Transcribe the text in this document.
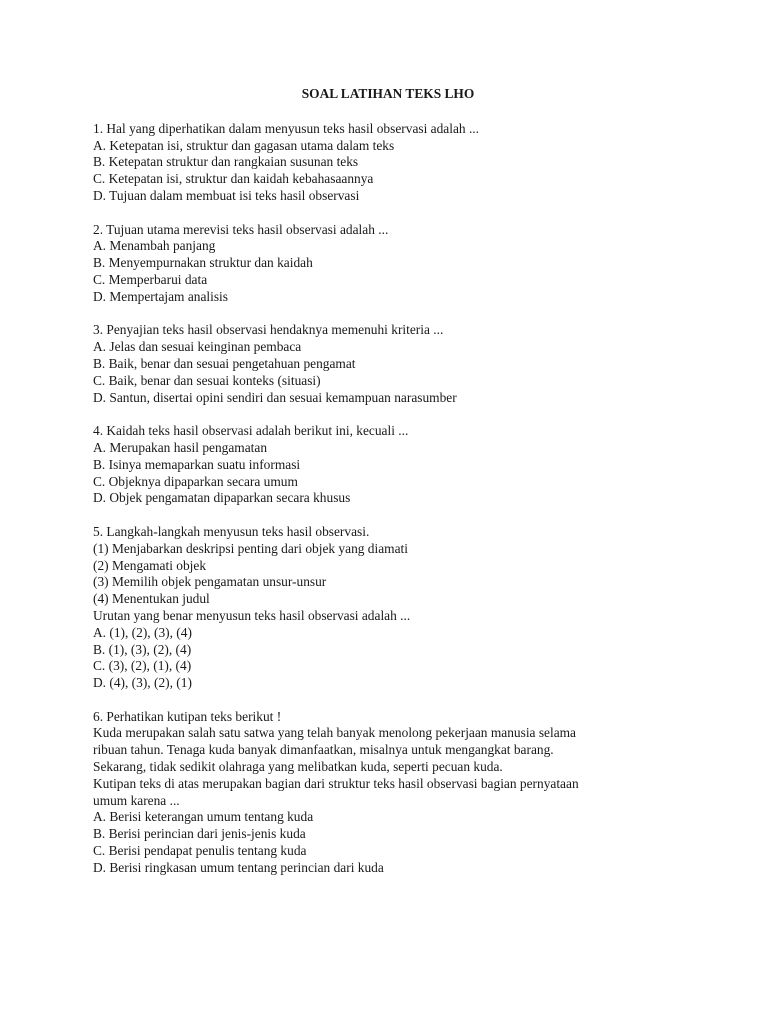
SOAL LATIHAN TEKS LHO
1. Hal yang diperhatikan dalam menyusun teks hasil observasi adalah ...
A. Ketepatan isi, struktur dan gagasan utama dalam teks
B. Ketepatan struktur dan rangkaian susunan teks
C. Ketepatan isi, struktur dan kaidah kebahasaannya
D. Tujuan dalam membuat isi teks hasil observasi
2. Tujuan utama merevisi teks hasil observasi adalah ...
A. Menambah panjang
B. Menyempurnakan struktur dan kaidah
C. Memperbarui data
D. Mempertajam analisis
3. Penyajian teks hasil observasi hendaknya memenuhi kriteria ...
A. Jelas dan sesuai keinginan pembaca
B. Baik, benar dan sesuai pengetahuan pengamat
C. Baik, benar dan sesuai konteks (situasi)
D. Santun, disertai opini sendiri dan sesuai kemampuan narasumber
4. Kaidah teks hasil observasi adalah berikut ini, kecuali ...
A. Merupakan hasil pengamatan
B. Isinya memaparkan suatu informasi
C. Objeknya dipaparkan secara umum
D. Objek pengamatan dipaparkan secara khusus
5. Langkah-langkah menyusun teks hasil observasi.
(1) Menjabarkan deskripsi penting dari objek yang diamati
(2) Mengamati objek
(3) Memilih objek pengamatan unsur-unsur
(4) Menentukan judul
Urutan yang benar menyusun teks hasil observasi adalah ...
A. (1), (2), (3), (4)
B. (1), (3), (2), (4)
C. (3), (2), (1), (4)
D. (4), (3), (2), (1)
6. Perhatikan kutipan teks berikut !
Kuda merupakan salah satu satwa yang telah banyak menolong pekerjaan manusia selama
ribuan tahun. Tenaga kuda banyak dimanfaatkan, misalnya untuk mengangkat barang.
Sekarang, tidak sedikit olahraga yang melibatkan kuda, seperti pecuan kuda.
Kutipan teks di atas merupakan bagian dari struktur teks hasil observasi bagian pernyataan
umum karena ...
A. Berisi keterangan umum tentang kuda
B. Berisi perincian dari jenis-jenis kuda
C. Berisi pendapat penulis tentang kuda
D. Berisi ringkasan umum tentang perincian dari kuda
